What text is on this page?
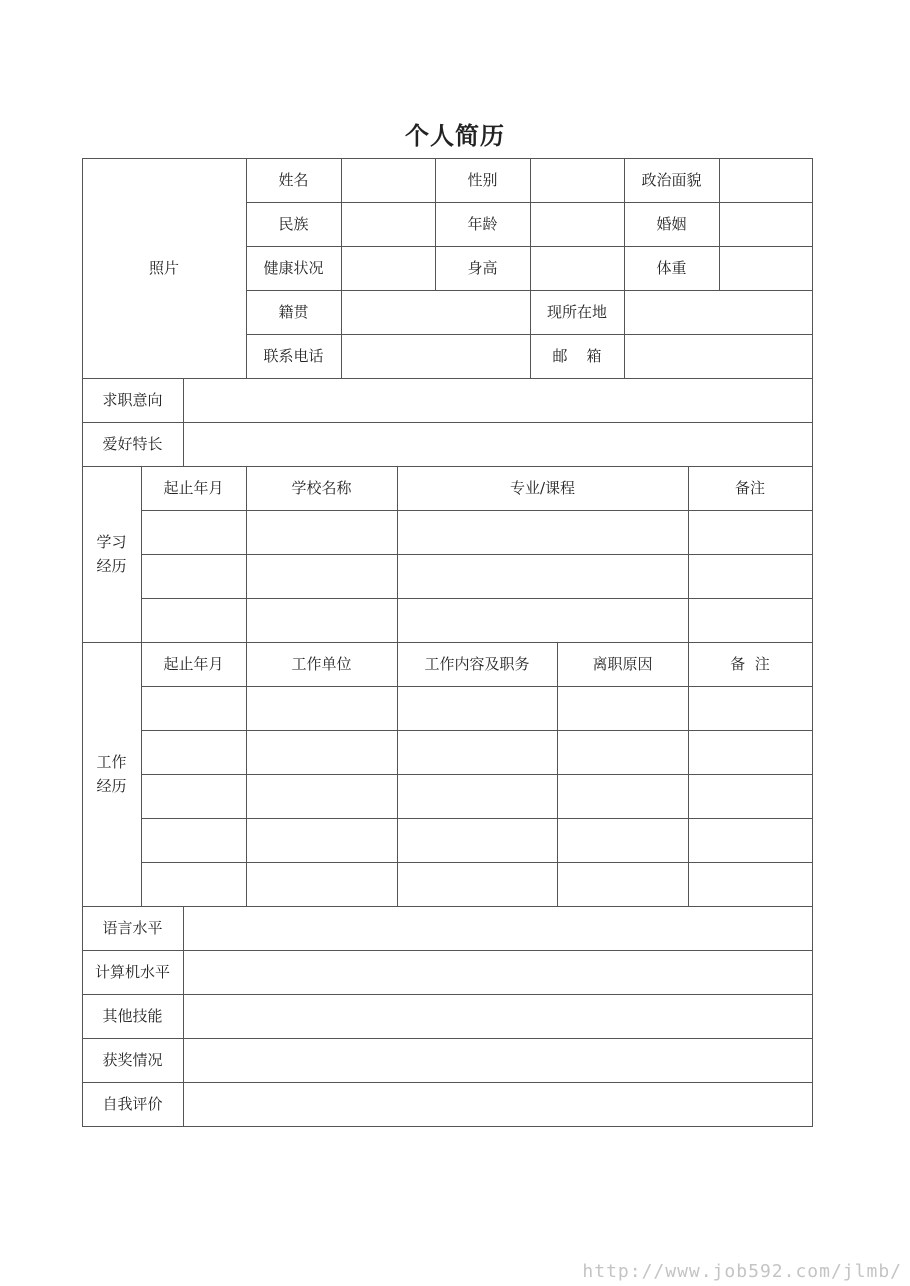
个人简历
照片
姓名	性别	政治面貌
民族	年龄	婚姻
健康状况	身高	体重
籍贯	现所在地
联系电话	邮    箱
求职意向
爱好特长
学习
经历
起止年月	学校名称	专业/课程	备注
工作
经历
起止年月	工作单位	工作内容及职务	离职原因	备  注
语言水平
计算机水平
其他技能
获奖情况
自我评价
http://www.job592.com/jlmb/
